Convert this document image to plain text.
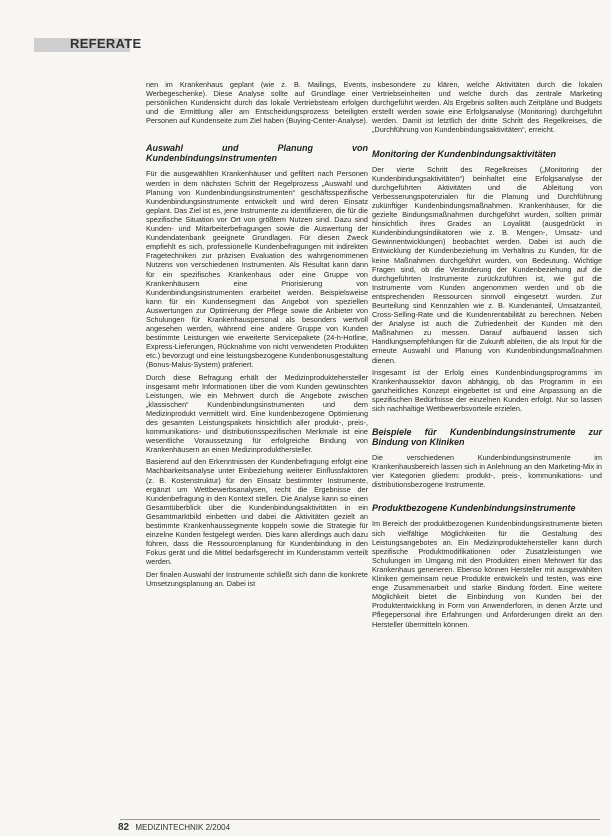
REFERATE

nen im Krankenhaus geplant (wie z. B. Mailings, Events, Werbegeschenke). Diese Analyse sollte auf Grundlage einer persönlichen Kundensicht durch das lokale Vertriebsteam erfolgen und die Ermittlung aller am Entscheidungsprozess beteiligten Personen auf Kundenseite zum Ziel haben (Buying-Center-Analyse).

Auswahl und Planung von Kundenbindungsinstrumenten

Für die ausgewählten Krankenhäuser und gefiltert nach Personen werden in dem nächsten Schritt der Regelprozess „Auswahl und Planung von Kundenbindungsinstrumenten“ geschäftsspezifische Kundenbindungsinstrumente entwickelt und wird deren Einsatz geplant. Das Ziel ist es, jene Instrumente zu identifizieren, die für die spezifische Situation vor Ort von größtem Nutzen sind. Dazu sind Kunden- und Mitarbeiterbefragungen sowie die Auswertung der Kundendatenbank geeignete Grundlagen. Für diesen Zweck empfiehlt es sich, professionelle Kundenbefragungen mit indirekten Fragetechniken zur präzisen Evaluation des wahrgenommenen Nutzens von verschiedenen Instrumenten. Als Resultat kann dann für ein spezifisches Krankenhaus oder eine Gruppe von Krankenhäusern eine Priorisierung von Kundenbindungsinstrumenten erarbeitet werden. Beispielsweise kann für ein Kundensegment das Angebot von speziellen Auswertungen zur Optimierung der Pflege sowie die Anbieter von Schulungen für Krankenhauspersonal als besonders wertvoll angesehen werden, während eine andere Gruppe von Kunden bestimmte Leistungen wie erweiterte Servicepakete (24-h-Hotline, Express-Lieferungen, Rücknahme von nicht verwendeten Produkten etc.) bevorzugt und eine leistungsbezogene Kundenbonusgestaltung (Bonus-Malus-System) präferiert.

Durch diese Befragung erhält der Medizinproduktehersteller insgesamt mehr Informationen über die vom Kunden gewünschten Leistungen, wie ein Mehrwert durch die Angebote zwischen „klassischen“ Kundenbindungsinstrumenten und dem Medizinprodukt vermittelt wird. Eine kundenbezogene Optimierung des gesamten Leistungspakets hinsichtlich aller produkt-, preis-, kommunikations- und distributionsspezifischen Merkmale ist eine wesentliche Voraussetzung für erfolgreiche Bindung von Krankenhäusern an einen Medizinprodukthersteller.

Basierend auf den Erkenntnissen der Kundenbefragung erfolgt eine Machbarkeitsanalyse unter Einbeziehung weiterer Einflussfaktoren (z. B. Kostenstruktur) für den Einsatz bestimmter Instrumente, ergänzt um Wettbewerbsanalysen, recht die Ergebnisse der Kundenbefragung in den Kontext stellen. Die Analyse kann so einen Gesamtüberblick über die Kundenbindungsaktivitäten in ein Gesamtmarktbild einbetten und dabei die Aktivitäten gezielt an bestimmte Krankenhaussegmente koppeln sowie die Strategie für einzelne Kunden festgelegt werden. Dies kann allerdings auch dazu führen, dass die Ressourcenplanung für Kundenbindung in den Fokus gerät und die Mittel bedarfsgerecht im Kundenstamm verteilt werden.

Der finalen Auswahl der Instrumente schließt sich dann die konkrete Umsetzungsplanung an. Dabei ist

insbesondere zu klären, welche Aktivitäten durch die lokalen Vertriebseinheiten und welche durch das zentrale Marketing durchgeführt werden. Als Ergebnis sollten auch Zeitpläne und Budgets erstellt werden sowie eine Erfolgsanalyse (Monitoring) durchgeführt werden. Damit ist letztlich der dritte Schritt des Regelkreises, die „Durchführung von Kundenbindungsaktivitäten“, erreicht.

Monitoring der Kundenbindungsaktivitäten

Der vierte Schritt des Regelkreises („Monitoring der Kundenbindungsaktivitäten“) beinhaltet eine Erfolgsanalyse der durchgeführten Aktivitäten und die Ableitung von Verbesserungspotenzialen für die Planung und Durchführung zukünftiger Kundenbindungsmaßnahmen. Krankenhäuser, für die gezielte Bindungsmaßnahmen durchgeführt wurden, sollten primär hinsichtlich ihres Grades an Loyalität (ausgedrückt in Kundenbindungsindikatoren wie z. B. Mengen-, Umsatz- und Gewinnentwicklungen) beobachtet werden. Dabei ist auch die Entwicklung der Kundenbeziehung im Verhältnis zu Kunden, für die keine Maßnahmen durchgeführt wurden, von Bedeutung. Wichtige Fragen sind, ob die Veränderung der Kundenbeziehung auf die durchgeführten Instrumente zurückzuführen ist, wie gut die Instrumente vom Kunden angenommen werden und ob die entsprechenden Ressourcen sinnvoll eingesetzt wurden. Zur Beurteilung sind Kennzahlen wie z. B. Kundenanteil, Umsatzanteil, Cross-Selling-Rate und die Kundenrentabilität zu berechnen. Neben der Analyse ist auch die Zufriedenheit der Kunden mit den Maßnahmen zu messen. Darauf aufbauend lassen sich Handlungsempfehlungen für die Zukunft ableiten, die als Input für die erneute Auswahl und Planung von Kundenbindungsmaßnahmen dienen.

Insgesamt ist der Erfolg eines Kundenbindungsprogramms im Krankenhaussektor davon abhängig, ob das Programm in ein ganzheitliches Konzept eingebettet ist und eine Anpassung an die spezifischen Bedürfnisse der einzelnen Kunden erfolgt. Nur so lassen sich nachhaltige Wettbewerbsvorteile erzielen.

Beispiele für Kundenbindungsinstrumente zur Bindung von Kliniken

Die verschiedenen Kundenbindungsinstrumente im Krankenhausbereich lassen sich in Anlehnung an den Marketing-Mix in vier Kategorien gliedern: produkt-, preis-, kommunikations- und distributionsbezogene Instrumente.

Produktbezogene Kundenbindungsinstrumente

Im Bereich der produktbezogenen Kundenbindungsinstrumente bieten sich vielfältige Möglichkeiten für die Gestaltung des Leistungsangebotes an. Ein Medizinproduktehersteller kann durch spezifische Produktmodifikationen oder Zusatzleistungen wie Schulungen im Umgang mit den Produkten einen Mehrwert für das Krankenhaus generieren. Ebenso können Hersteller mit ausgewählten Kliniken gemeinsam neue Produkte entwickeln und testen, was eine enge Zusammenarbeit und starke Bindung fördert. Eine weitere Möglichkeit bietet die Einbindung von Kunden bei der Produktentwicklung in Form von Anwenderforen, in denen Ärzte und Pflegepersonal ihre Erfahrungen und Anforderungen direkt an den Hersteller übermitteln können.

82 MEDIZINTECHNIK 2/2004
